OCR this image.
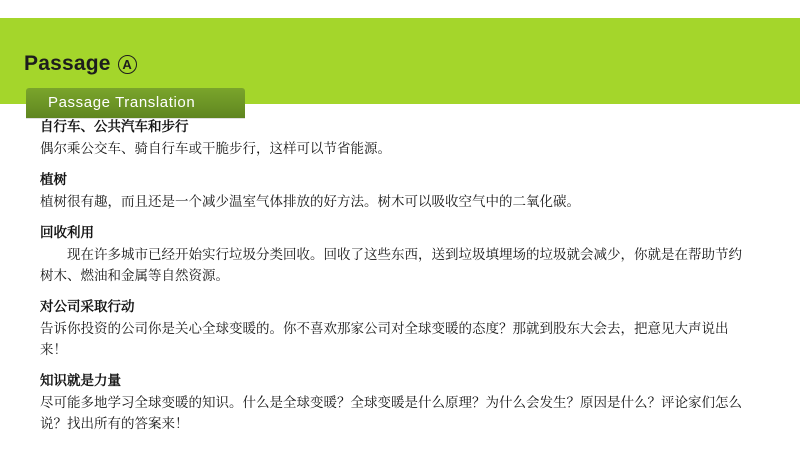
Passage A
Passage Translation
自行车、公共汽车和步行
偶尔乘公交车、骑自行车或干脆步行，这样可以节省能源。
植树
植树很有趣，而且还是一个减少温室气体排放的好方法。树木可以吸收空气中的二氧化碳。
回收利用
现在许多城市已经开始实行垃圾分类回收。回收了这些东西，送到垃圾填埋场的垃圾就会减少，你就是在帮助节约树木、燃油和金属等自然资源。
对公司采取行动
告诉你投资的公司你是关心全球变暖的。你不喜欢那家公司对全球变暖的态度？那就到股东大会去，把意见大声说出来！
知识就是力量
尽可能多地学习全球变暖的知识。什么是全球变暖？全球变暖是什么原理？为什么会发生？原因是什么？评论家们怎么说？找出所有的答案来！
